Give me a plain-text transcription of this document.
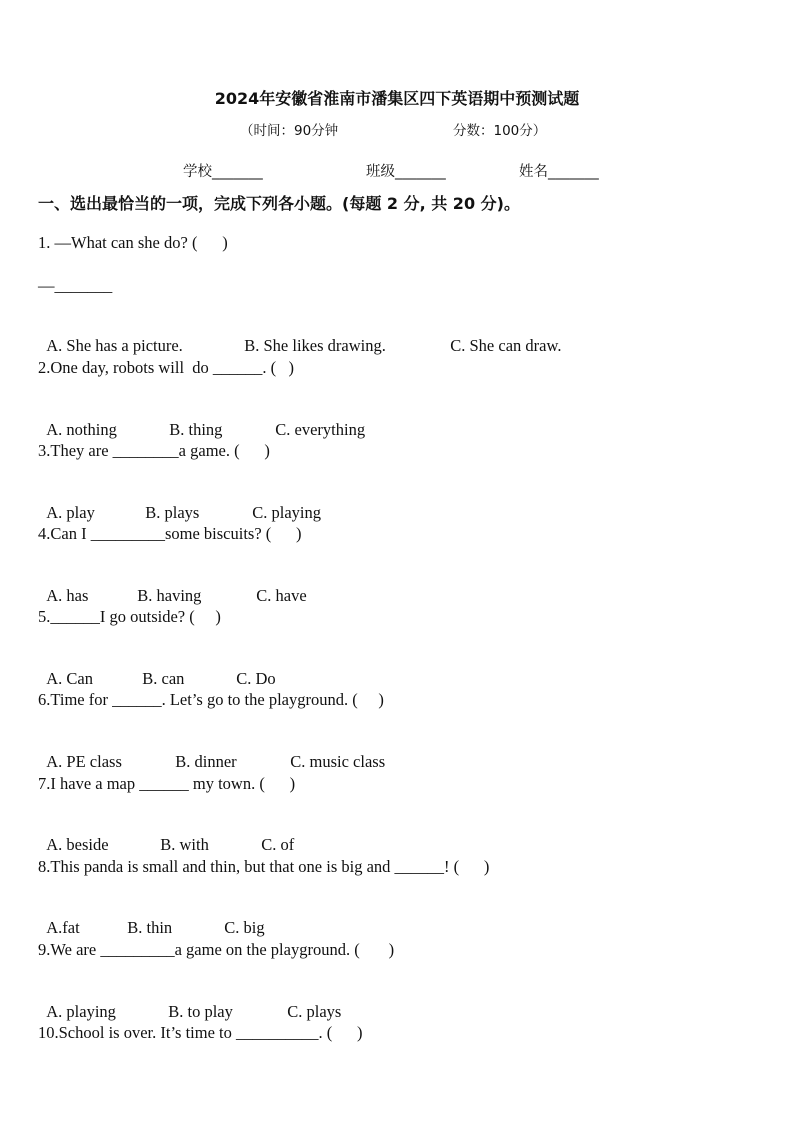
2024年安徽省淮南市潘集区四下英语期中预测试题
（时间：90分钟	分数：100分）
学校_______	班级_______	姓名_______
一、选出最恰当的一项，完成下列各小题。(每题 2 分, 共 20 分)。
1. —What can she do? (      )
—_______

A. She has a picture.	B. She likes drawing.	C. She can draw.

2.One day, robots will  do ______. (   )

A. nothing	B. thing	C. everything

3.They are ________a game. (      )

A. play	B. plays	C. playing

4.Can I _________some biscuits? (      )

A. has	B. having	C. have

5.______I go outside? (     )

A. Can	B. can	C. Do

6.Time for ______. Let’s go to the playground. (     )

A. PE class	B. dinner	C. music class

7.I have a map ______ my town. (      )

A. beside	B. with	C. of

8.This panda is small and thin, but that one is big and ______! (      )

A.fat	B. thin	C. big

9.We are _________a game on the playground. (       )

A. playing	B. to play	C. plays

10.School is over. It’s time to __________. (      )
